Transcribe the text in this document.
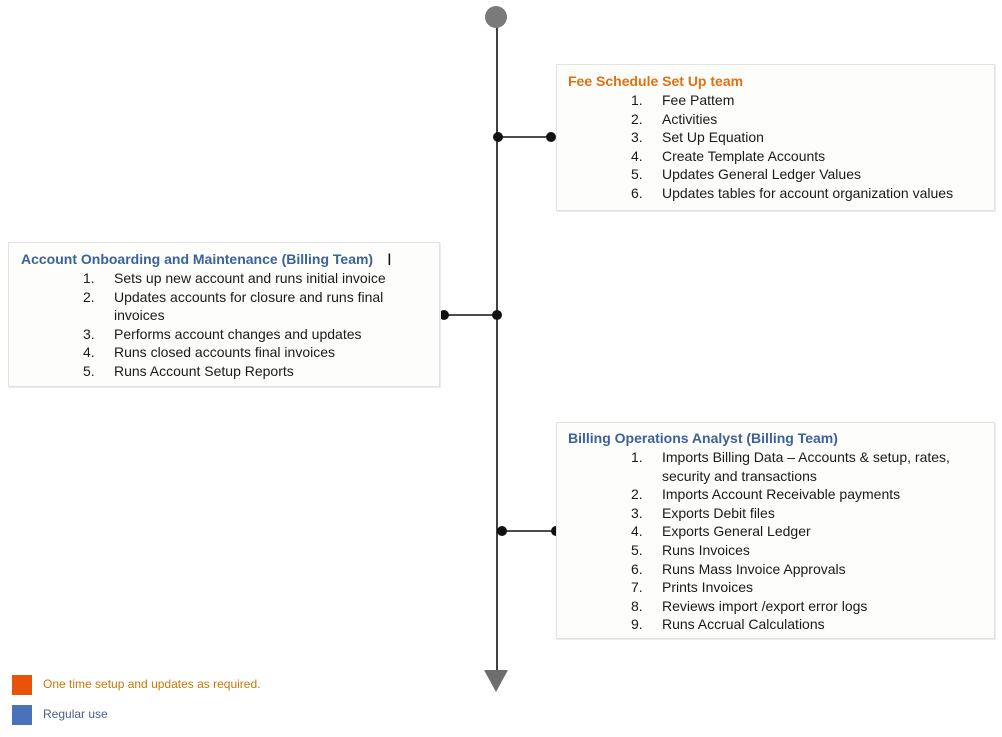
Fee Schedule Set Up team
1.	Fee Pattem
2.	Activities
3.	Set Up Equation
4.	Create Template Accounts
5.	Updates General Ledger Values
6.	Updates tables for account organization values
Account Onboarding and Maintenance (Billing Team)
1.	Sets up new account and runs initial invoice
2.	Updates accounts for closure and runs final invoices
3.	Performs account changes and updates
4.	Runs closed accounts final invoices
5.	Runs Account Setup Reports
I
Billing Operations Analyst (Billing Team)
1.	Imports Billing Data – Accounts & setup, rates, security and transactions
2.	Imports Account Receivable payments
3.	Exports Debit files
4.	Exports General Ledger
5.	Runs Invoices
6.	Runs Mass Invoice Approvals
7.	Prints Invoices
8.	Reviews import /export error logs
9.	Runs Accrual Calculations
One time setup and updates as required.
Regular use
